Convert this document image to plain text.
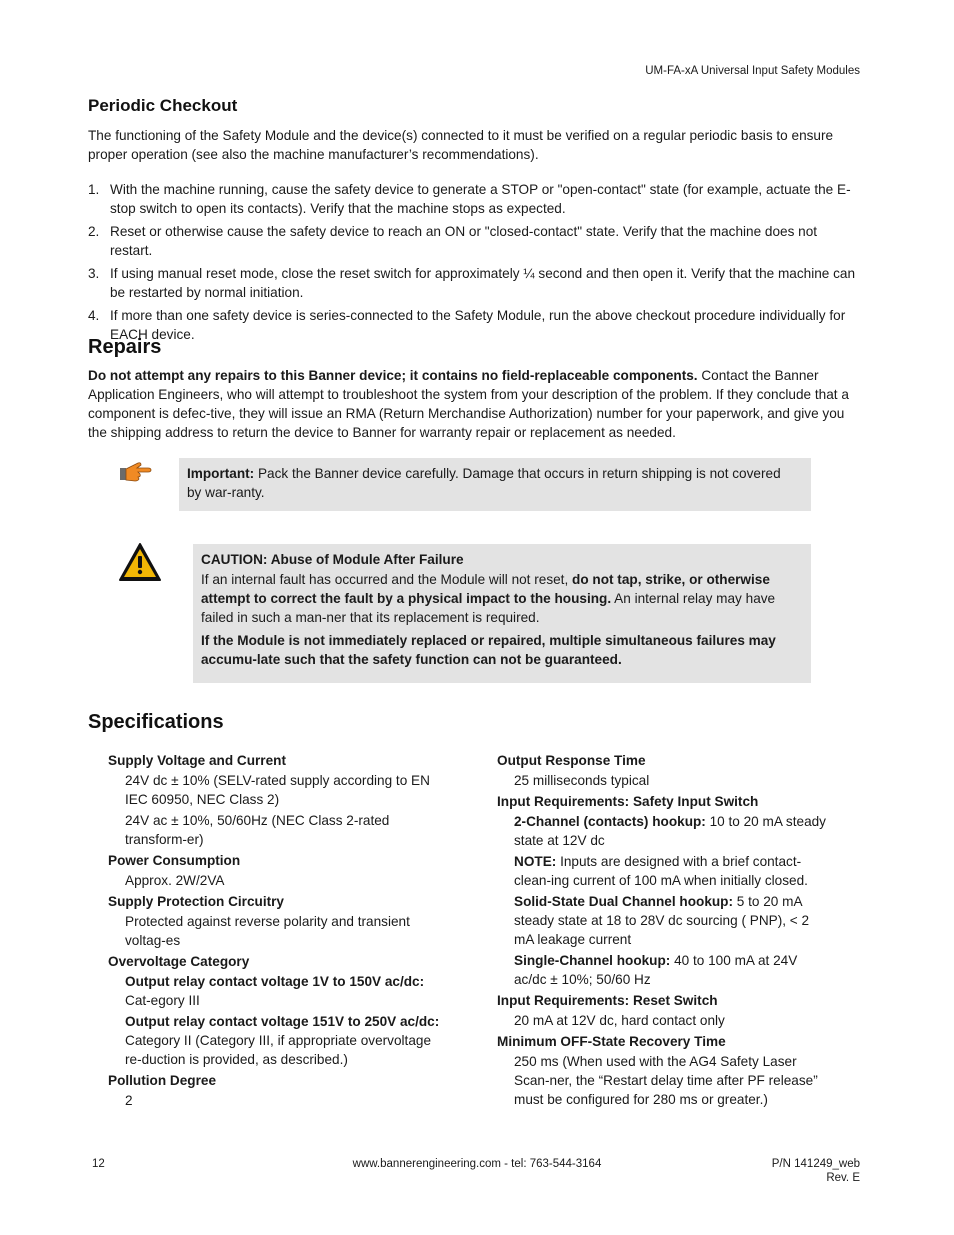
UM-FA-xA Universal Input Safety Modules
Periodic Checkout

The functioning of the Safety Module and the device(s) connected to it must be verified on a regular periodic basis to ensure proper operation (see also the machine manufacturer’s recommendations).

1. With the machine running, cause the safety device to generate a STOP or "open-contact" state (for example, actuate the E-stop switch to open its contacts). Verify that the machine stops as expected.
2. Reset or otherwise cause the safety device to reach an ON or "closed-contact" state. Verify that the machine does not restart.
3. If using manual reset mode, close the reset switch for approximately ¼ second and then open it. Verify that the machine can be restarted by normal initiation.
4. If more than one safety device is series-connected to the Safety Module, run the above checkout procedure individually for EACH device.
Repairs

Do not attempt any repairs to this Banner device; it contains no field-replaceable components. Contact the Banner Application Engineers, who will attempt to troubleshoot the system from your description of the problem. If they conclude that a component is defec-tive, they will issue an RMA (Return Merchandise Authorization) number for your paperwork, and give you the shipping address to return the device to Banner for warranty repair or replacement as needed.

Important: Pack the Banner device carefully. Damage that occurs in return shipping is not covered by war-ranty.

CAUTION: Abuse of Module After Failure

If an internal fault has occurred and the Module will not reset, do not tap, strike, or otherwise attempt to correct the fault by a physical impact to the housing. An internal relay may have failed in such a man-ner that its replacement is required.

If the Module is not immediately replaced or repaired, multiple simultaneous failures may accumu-late such that the safety function can not be guaranteed.

Specifications

Supply Voltage and Current

24V dc ± 10% (SELV-rated supply according to EN IEC 60950, NEC Class 2)

24V ac ± 10%, 50/60Hz (NEC Class 2-rated transform-er)

Power Consumption

Approx. 2W/2VA

Supply Protection Circuitry

Protected against reverse polarity and transient voltag-es

Overvoltage Category

Output relay contact voltage 1V to 150V ac/dc: Cat-egory III

Output relay contact voltage 151V to 250V ac/dc: Category II (Category III, if appropriate overvoltage re-duction is provided, as described.)

Pollution Degree

2

Output Response Time

25 milliseconds typical

Input Requirements: Safety Input Switch

2-Channel (contacts) hookup: 10 to 20 mA steady state at 12V dc

NOTE: Inputs are designed with a brief contact-clean-ing current of 100 mA when initially closed.

Solid-State Dual Channel hookup: 5 to 20 mA steady state at 18 to 28V dc sourcing ( PNP), < 2 mA leakage current

Single-Channel hookup: 40 to 100 mA at 24V ac/dc ± 10%; 50/60 Hz

Input Requirements: Reset Switch

20 mA at 12V dc, hard contact only

Minimum OFF-State Recovery Time

250 ms (When used with the AG4 Safety Laser Scan-ner, the “Restart delay time after PF release” must be configured for 280 ms or greater.)

12	www.bannerengineering.com - tel: 763-544-3164	P/N 141249_web
Rev. E
